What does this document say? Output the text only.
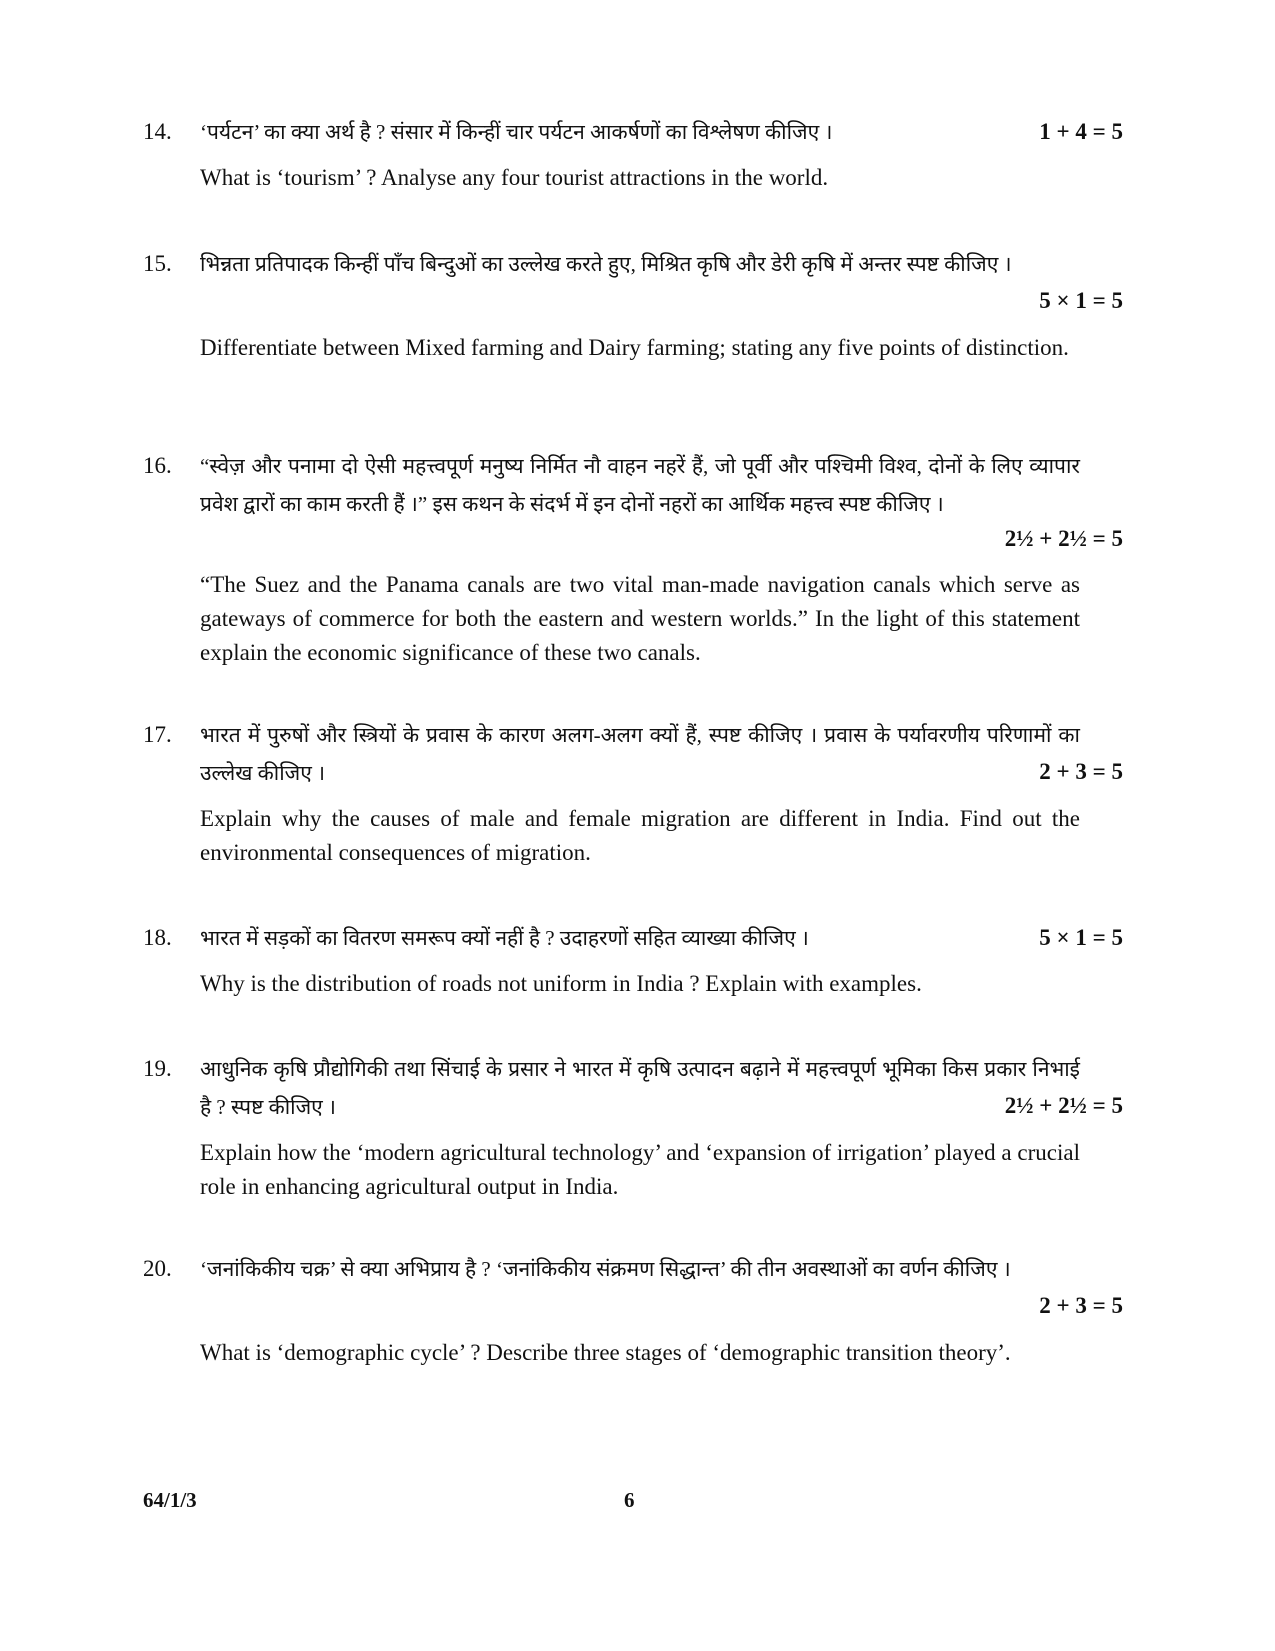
14. ‘पर्यटन’ का क्या अर्थ है ? संसार में किन्हीं चार पर्यटन आकर्षणों का विश्लेषण कीजिए ।	1 + 4 = 5
What is ‘tourism’ ? Analyse any four tourist attractions in the world.
15. भिन्नता प्रतिपादक किन्हीं पाँच बिन्दुओं का उल्लेख करते हुए, मिश्रित कृषि और डेरी कृषि में अन्तर स्पष्ट कीजिए ।
5 × 1 = 5
Differentiate between Mixed farming and Dairy farming; stating any five points of distinction.
16. “स्वेज़ और पनामा दो ऐसी महत्त्वपूर्ण मनुष्य निर्मित नौ वाहन नहरें हैं, जो पूर्वी और पश्चिमी विश्व, दोनों के लिए व्यापार प्रवेश द्वारों का काम करती हैं ।” इस कथन के संदर्भ में इन दोनों नहरों का आर्थिक महत्त्व स्पष्ट कीजिए ।
2½ + 2½ = 5
“The Suez and the Panama canals are two vital man-made navigation canals which serve as gateways of commerce for both the eastern and western worlds.” In the light of this statement explain the economic significance of these two canals.
17. भारत में पुरुषों और स्त्रियों के प्रवास के कारण अलग-अलग क्यों हैं, स्पष्ट कीजिए । प्रवास के पर्यावरणीय परिणामों का उल्लेख कीजिए ।	2 + 3 = 5
Explain why the causes of male and female migration are different in India. Find out the environmental consequences of migration.
18. भारत में सड़कों का वितरण समरूप क्यों नहीं है ? उदाहरणों सहित व्याख्या कीजिए ।	5 × 1 = 5
Why is the distribution of roads not uniform in India ? Explain with examples.
19. आधुनिक कृषि प्रौद्योगिकी तथा सिंचाई के प्रसार ने भारत में कृषि उत्पादन बढ़ाने में महत्त्वपूर्ण भूमिका किस प्रकार निभाई है ? स्पष्ट कीजिए ।	2½ + 2½ = 5
Explain how the ‘modern agricultural technology’ and ‘expansion of irrigation’ played a crucial role in enhancing agricultural output in India.
20. ‘जनांकिकीय चक्र’ से क्या अभिप्राय है ? ‘जनांकिकीय संक्रमण सिद्धान्त’ की तीन अवस्थाओं का वर्णन कीजिए ।
2 + 3 = 5
What is ‘demographic cycle’ ? Describe three stages of ‘demographic transition theory’.
64/1/3	6
